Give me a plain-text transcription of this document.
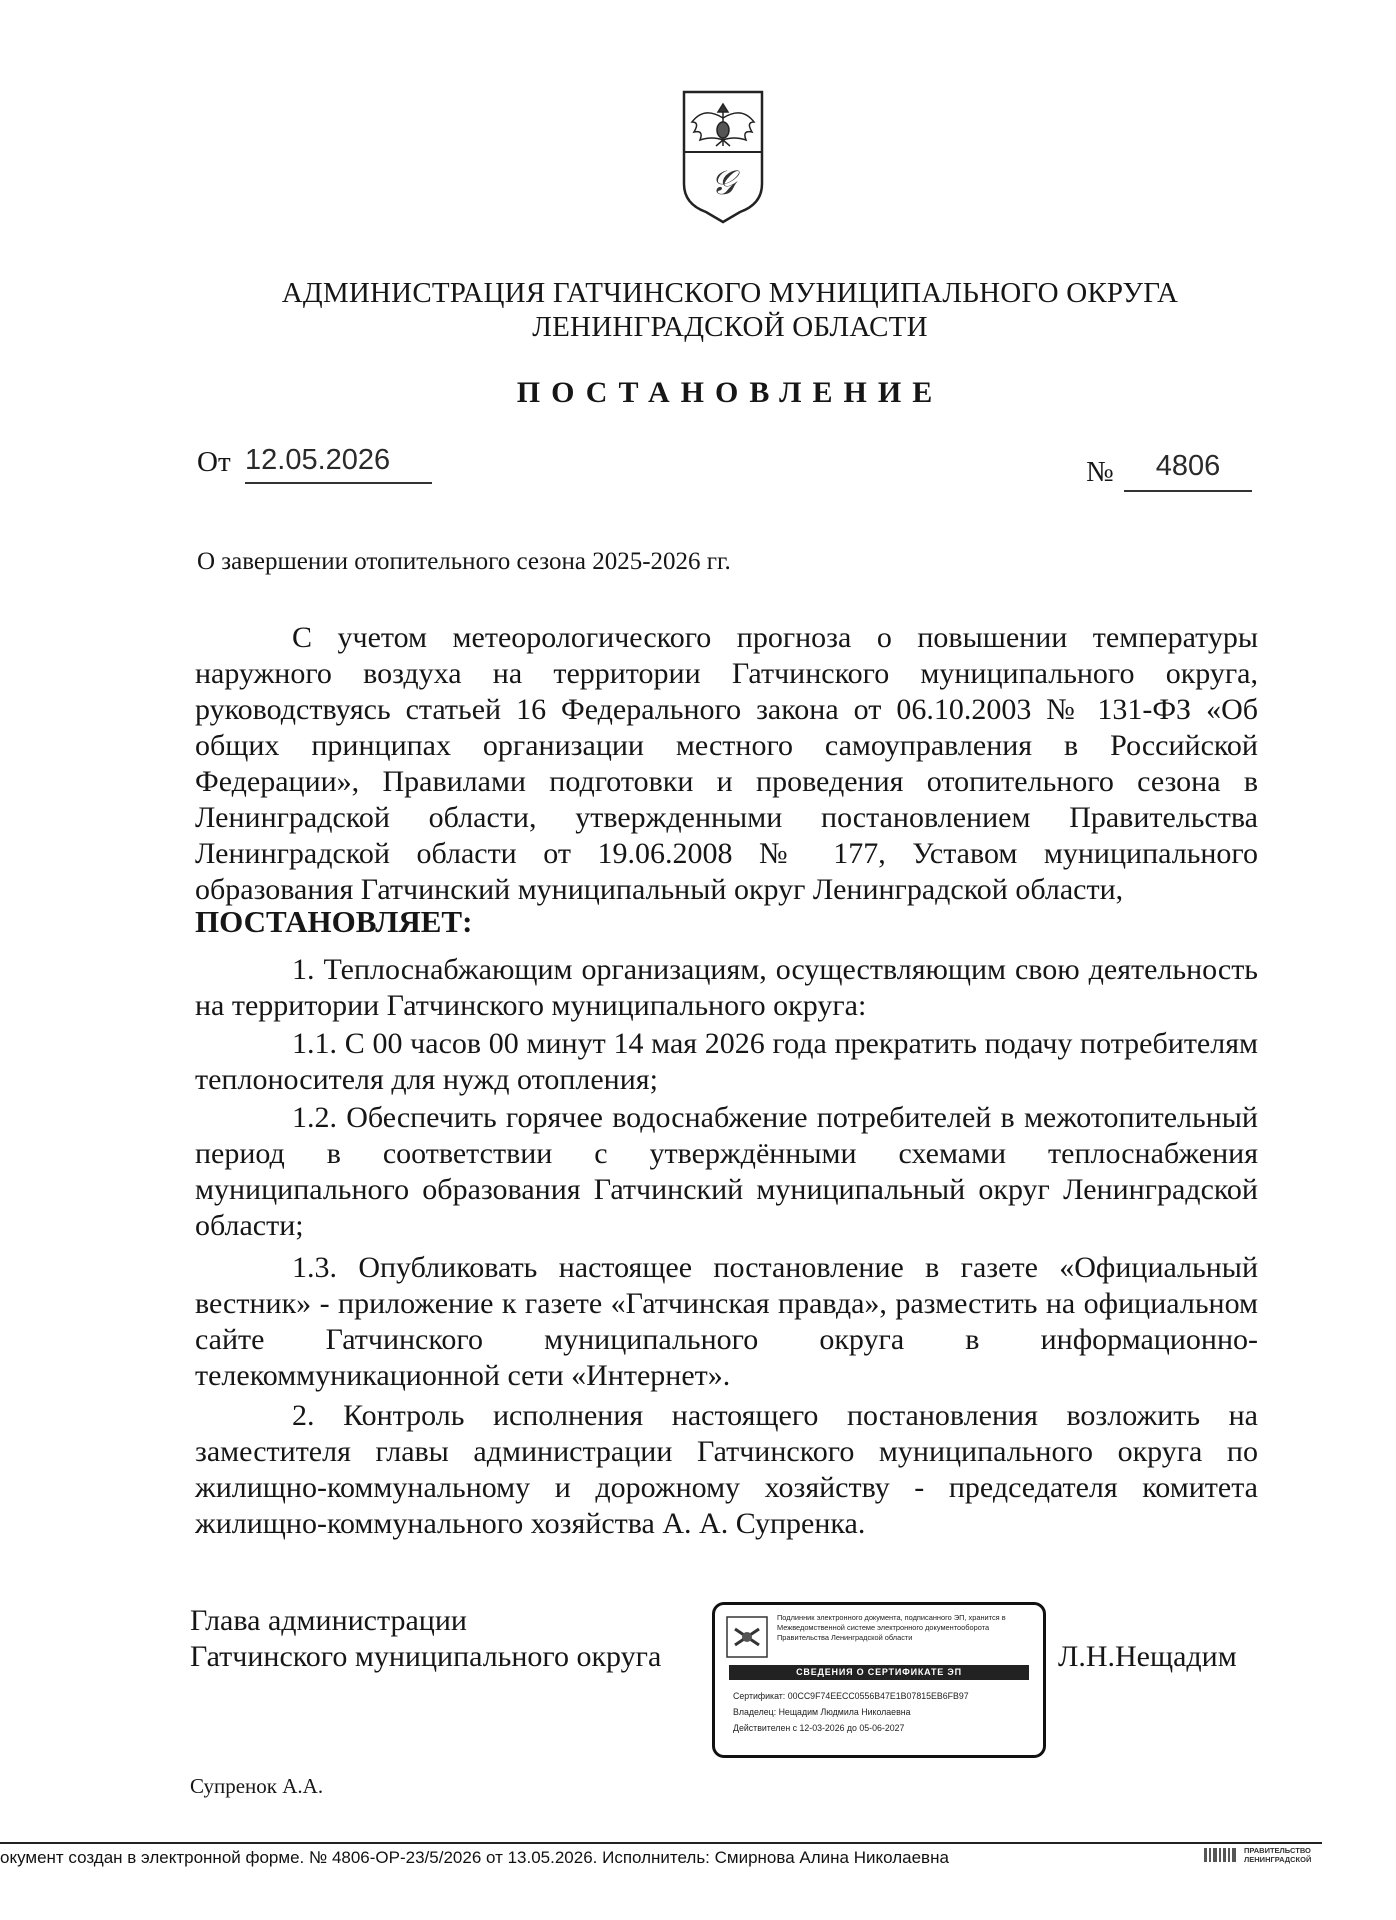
𝒢
АДМИНИСТРАЦИЯ ГАТЧИНСКОГО МУНИЦИПАЛЬНОГО ОКРУГА
ЛЕНИНГРАДСКОЙ ОБЛАСТИ
ПОСТАНОВЛЕНИЕ
От 12.05.2026	№	4806
О завершении отопительного сезона 2025-2026 гг.
С учетом метеорологического прогноза о повышении температуры наружного воздуха на территории Гатчинского муниципального округа, руководствуясь статьей 16 Федерального закона от 06.10.2003 № 131-ФЗ «Об общих принципах организации местного самоуправления в Российской Федерации», Правилами подготовки и проведения отопительного сезона в Ленинградской области, утвержденными постановлением Правительства Ленинградской области от 19.06.2008 № 177, Уставом муниципального образования Гатчинский муниципальный округ Ленинградской области,
ПОСТАНОВЛЯЕТ:
1. Теплоснабжающим организациям, осуществляющим свою деятельность на территории Гатчинского муниципального округа:
1.1. С 00 часов 00 минут 14 мая 2026 года прекратить подачу потребителям теплоносителя для нужд отопления;
1.2. Обеспечить горячее водоснабжение потребителей в межотопительный период в соответствии с утверждёнными схемами теплоснабжения муниципального образования Гатчинский муниципальный округ Ленинградской области;
1.3. Опубликовать настоящее постановление в газете «Официальный вестник» - приложение к газете «Гатчинская правда», разместить на официальном сайте Гатчинского муниципального округа в информационно-телекоммуникационной сети «Интернет».
2. Контроль исполнения настоящего постановления возложить на заместителя главы администрации Гатчинского муниципального округа по жилищно-коммунальному и дорожному хозяйству - председателя комитета жилищно-коммунального хозяйства А. А. Супренка.
Глава администрации
Гатчинского муниципального округа	Л.Н.Нещадим
Подлинник электронного документа, подписанного ЭП, хранится в Межведомственной системе электронного документооборота Правительства Ленинградской области
СВЕДЕНИЯ О СЕРТИФИКАТЕ ЭП
Сертификат: 00CC9F74EECC0556B47E1B07815EB6FB97
Владелец: Нещадим Людмила Николаевна
Действителен с 12-03-2026 до 05-06-2027
Супренок А.А.
окумент создан в электронной форме. № 4806-ОР-23/5/2026 от 13.05.2026. Исполнитель: Смирнова Алина Николаевна	ПРАВИТЕЛЬСТВО
ЛЕНИНГРАДСКОЙ
